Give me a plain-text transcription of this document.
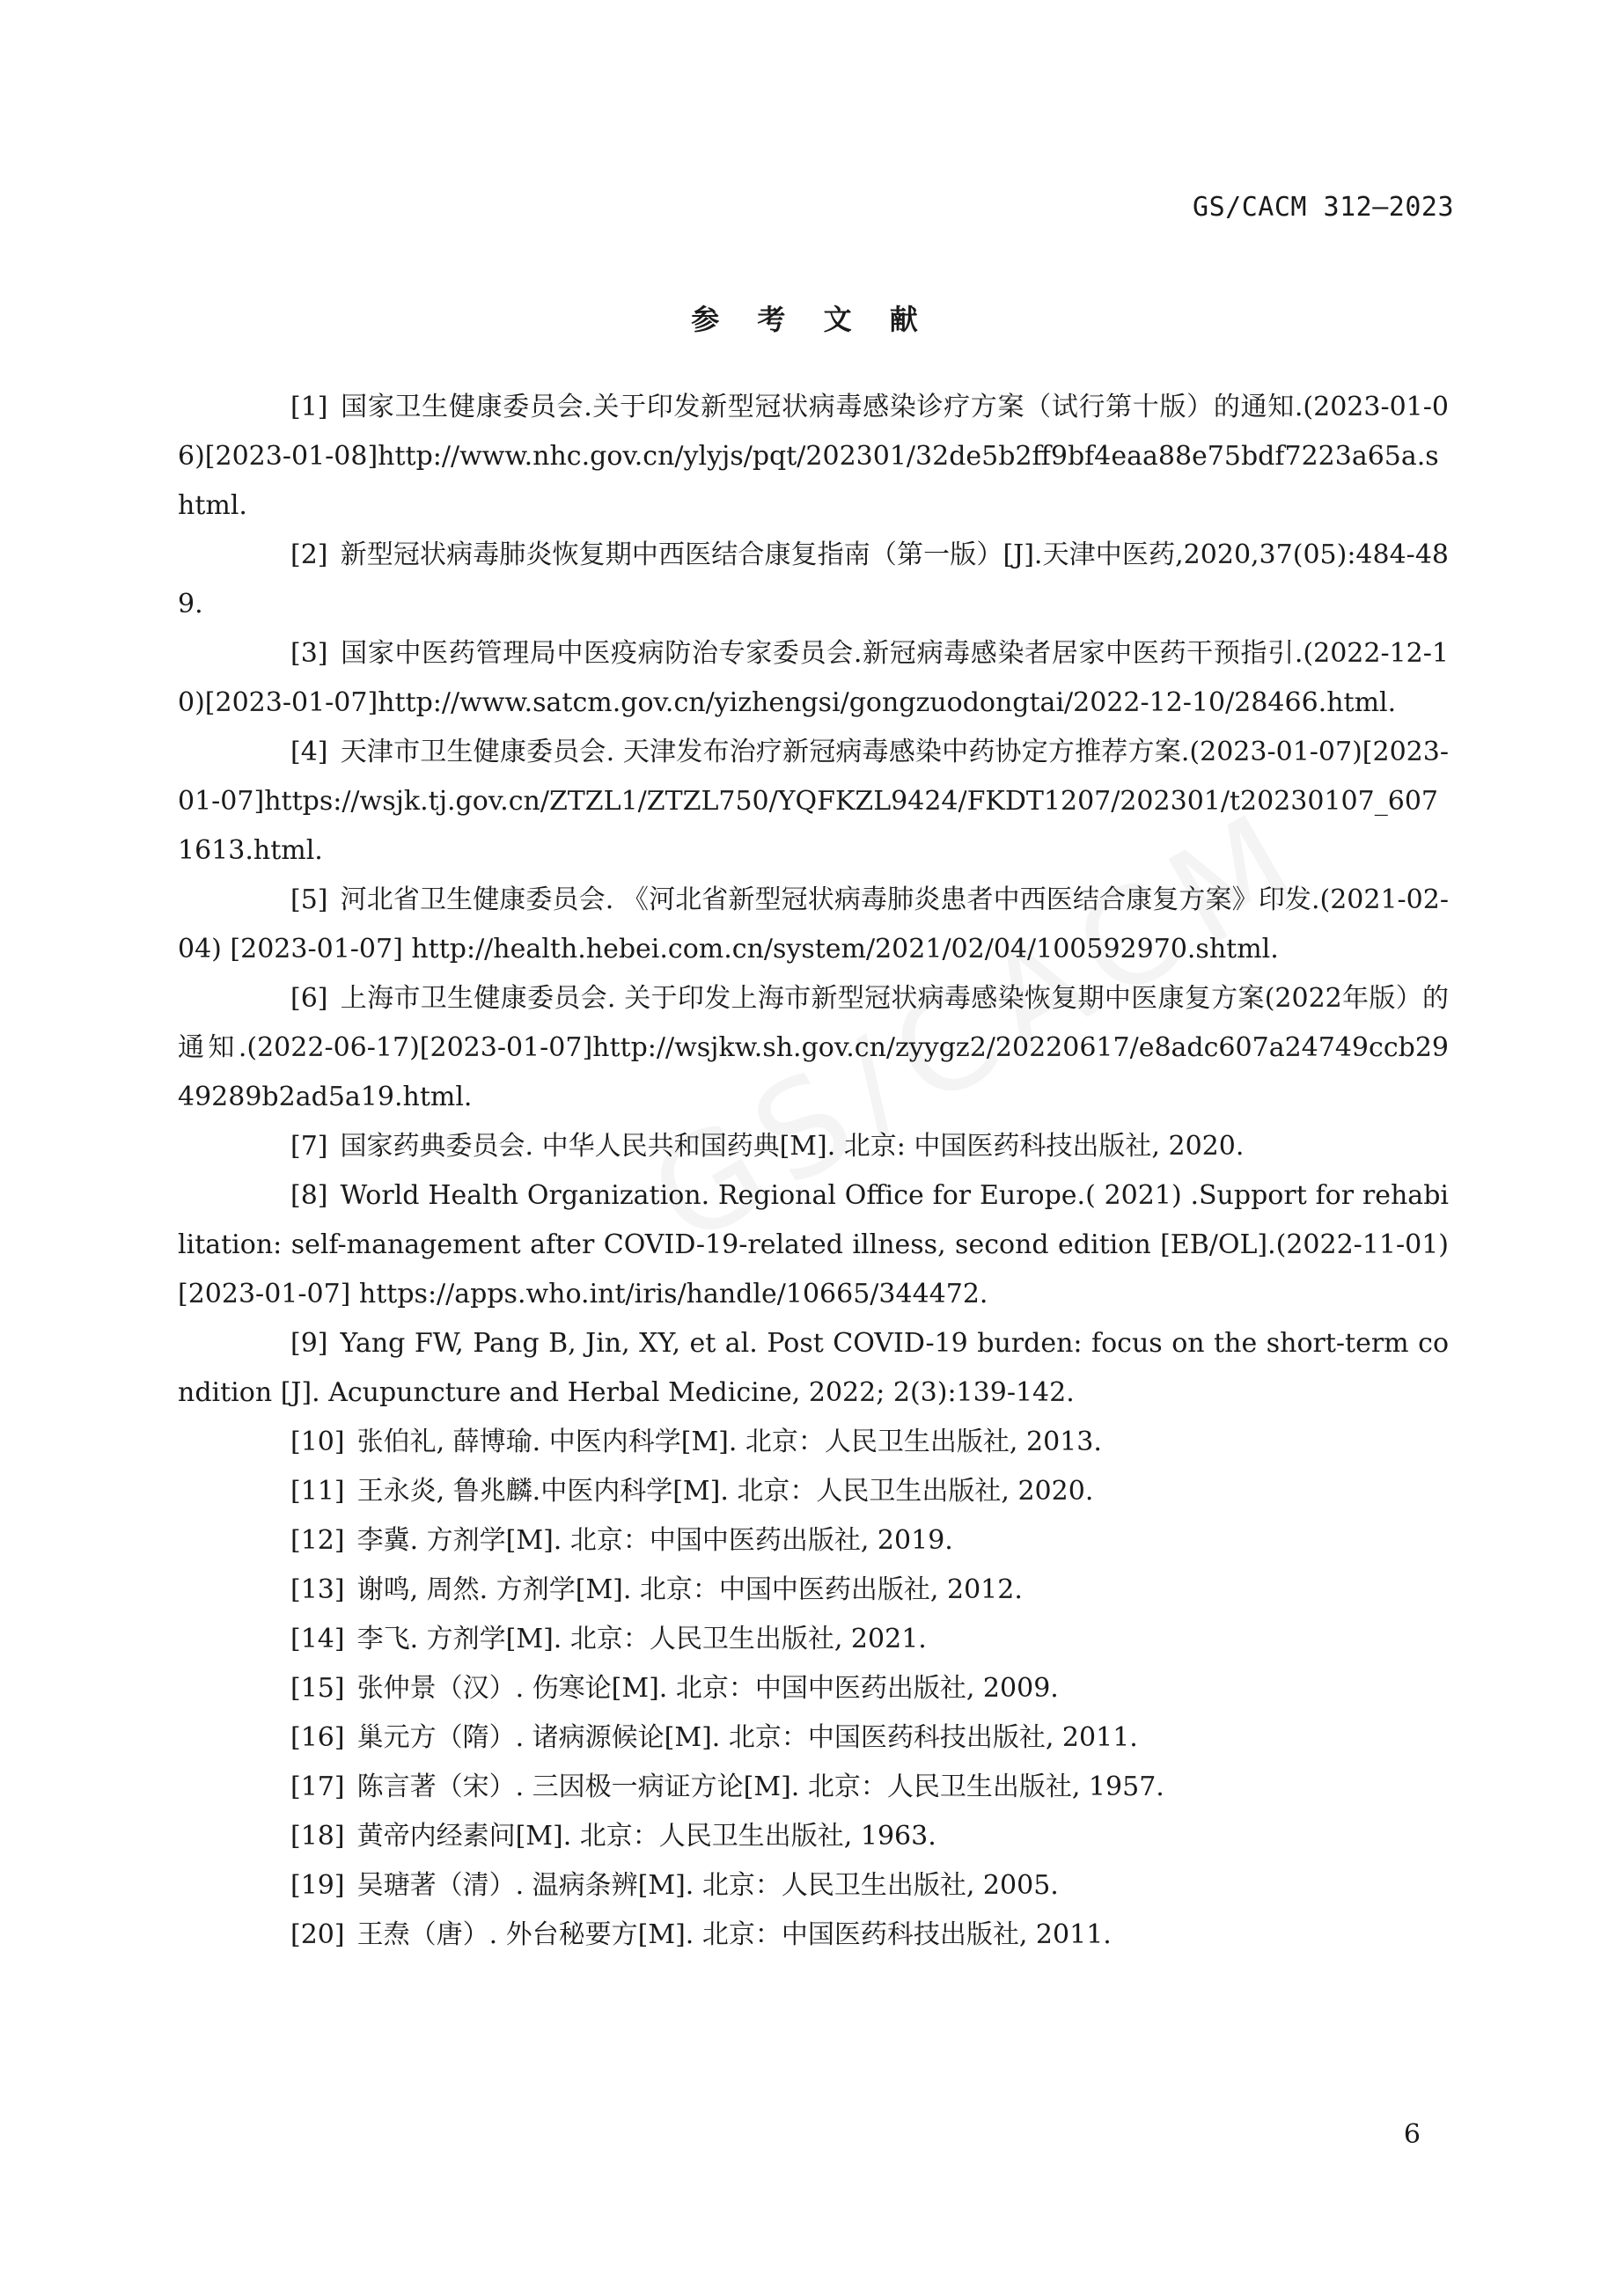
GS/CACM 312—2023
参 考 文 献

[1] 国家卫生健康委员会.关于印发新型冠状病毒感染诊疗方案（试行第十版）的通知.(2023-01-06)[2023-01-08]http://www.nhc.gov.cn/ylyjs/pqt/202301/32de5b2ff9bf4eaa88e75bdf7223a65a.shtml.

[2] 新型冠状病毒肺炎恢复期中西医结合康复指南（第一版）[J].天津中医药,2020,37(05):484-489.

[3] 国家中医药管理局中医疫病防治专家委员会.新冠病毒感染者居家中医药干预指引.(2022-12-10)[2023-01-07]http://www.satcm.gov.cn/yizhengsi/gongzuodongtai/2022-12-10/28466.html.

[4] 天津市卫生健康委员会. 天津发布治疗新冠病毒感染中药协定方推荐方案.(2023-01-07)[2023-01-07]https://wsjk.tj.gov.cn/ZTZL1/ZTZL750/YQFKZL9424/FKDT1207/202301/t20230107_6071613.html.

[5] 河北省卫生健康委员会. 《河北省新型冠状病毒肺炎患者中西医结合康复方案》印发.(2021-02-04) [2023-01-07] http://health.hebei.com.cn/system/2021/02/04/100592970.shtml.

[6] 上海市卫生健康委员会. 关于印发上海市新型冠状病毒感染恢复期中医康复方案(2022年版）的通知.(2022-06-17)[2023-01-07]http://wsjkw.sh.gov.cn/zyygz2/20220617/e8adc607a24749ccb2949289b2ad5a19.html.

[7] 国家药典委员会. 中华人民共和国药典[M]. 北京: 中国医药科技出版社, 2020.

[8] World Health Organization. Regional Office for Europe.( 2021) .Support for rehabilitation: self-management after COVID-19-related illness, second edition [EB/OL].(2022-11-01) [2023-01-07] https://apps.who.int/iris/handle/10665/344472.

[9] Yang FW, Pang B, Jin, XY, et al. Post COVID-19 burden: focus on the short-term condition [J]. Acupuncture and Herbal Medicine, 2022; 2(3):139-142.

[10] 张伯礼, 薛博瑜. 中医内科学[M]. 北京：人民卫生出版社, 2013.

[11] 王永炎, 鲁兆麟.中医内科学[M]. 北京：人民卫生出版社, 2020.

[12] 李冀. 方剂学[M]. 北京：中国中医药出版社, 2019.

[13] 谢鸣, 周然. 方剂学[M]. 北京：中国中医药出版社, 2012.

[14] 李飞. 方剂学[M]. 北京：人民卫生出版社, 2021.

[15] 张仲景（汉）. 伤寒论[M]. 北京：中国中医药出版社, 2009.

[16] 巢元方（隋）. 诸病源候论[M]. 北京：中国医药科技出版社, 2011.

[17] 陈言著（宋）. 三因极一病证方论[M]. 北京：人民卫生出版社, 1957.

[18] 黄帝内经素问[M]. 北京：人民卫生出版社, 1963.

[19] 吴瑭著（清）. 温病条辨[M]. 北京：人民卫生出版社, 2005.

[20] 王焘（唐）. 外台秘要方[M]. 北京：中国医药科技出版社, 2011.

6
